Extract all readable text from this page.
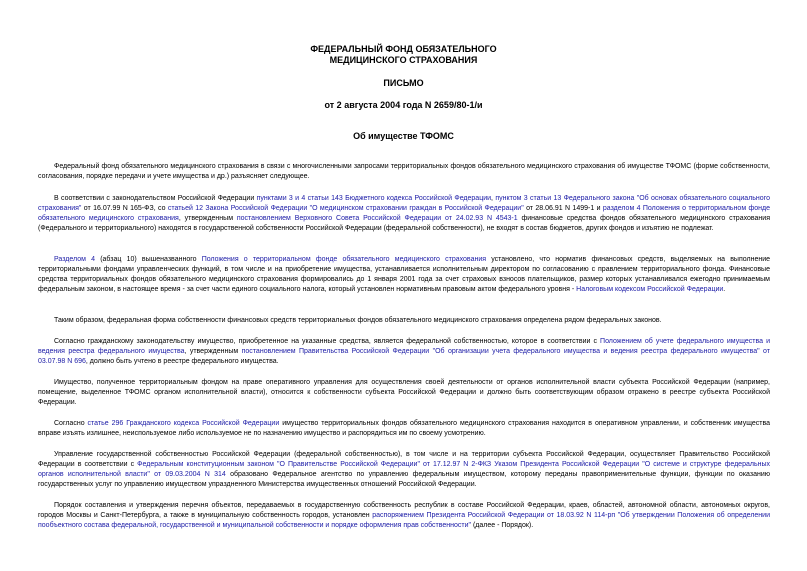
ФЕДЕРАЛЬНЫЙ ФОНД ОБЯЗАТЕЛЬНОГО

МЕДИЦИНСКОГО СТРАХОВАНИЯ

ПИСЬМО

от 2 августа 2004 года N 2659/80-1/и

Об имуществе ТФОМС

Федеральный фонд обязательного медицинского страхования в связи с многочисленными запросами территориальных фондов обязательного медицинского страхования об имуществе ТФОМС (форме собственности, согласования, порядке передачи и учете имущества и др.) разъясняет следующее.

В соответствии с законодательством Российской Федерации пунктами 3 и 4 статьи 143 Бюджетного кодекса Российской Федерации, пунктом 3 статьи 13 Федерального закона "Об основах обязательного социального страхования" от 16.07.99 N 165-ФЗ, со статьей 12 Закона Российской Федерации "О медицинском страховании граждан в Российской Федерации" от 28.06.91 N 1499-1 и разделом 4 Положения о территориальном фонде обязательного медицинского страхования, утвержденным постановлением Верховного Совета Российской Федерации от 24.02.93 N 4543-1 финансовые средства фондов обязательного медицинского страхования (Федерального и территориального) находятся в государственной собственности Российской Федерации (федеральной собственности), не входят в состав бюджетов, других фондов и изъятию не подлежат.

Разделом 4 (абзац 10) вышеназванного Положения о территориальном фонде обязательного медицинского страхования установлено, что норматив финансовых средств, выделяемых на выполнение территориальными фондами управленческих функций, в том числе и на приобретение имущества, устанавливается исполнительным директором по согласованию с правлением территориального фонда. Финансовые средства территориальных фондов обязательного медицинского страхования формировались до 1 января 2001 года за счет страховых взносов плательщиков, размер которых устанавливался ежегодно принимаемым федеральным законом, в настоящее время - за счет части единого социального налога, который установлен нормативным правовым актом федерального уровня - Налоговым кодексом Российской Федерации.

Таким образом, федеральная форма собственности финансовых средств территориальных фондов обязательного медицинского страхования определена рядом федеральных законов.

Согласно гражданскому законодательству имущество, приобретенное на указанные средства, является федеральной собственностью, которое в соответствии с Положением об учете федерального имущества и ведения реестра федерального имущества, утвержденным постановлением Правительства Российской Федерации "Об организации учета федерального имущества и ведения реестра федерального имущества" от 03.07.98 N 696, должно быть учтено в реестре федерального имущества.

Имущество, полученное территориальным фондом на праве оперативного управления для осуществления своей деятельности от органов исполнительной власти субъекта Российской Федерации (например, помещение, выделенное ТФОМС органом исполнительной власти), относится к собственности субъекта Российской Федерации и должно быть соответствующим образом отражено в реестре субъекта Российской Федерации.

Согласно статье 296 Гражданского кодекса Российской Федерации имущество территориальных фондов обязательного медицинского страхования находится в оперативном управлении, и собственник имущества вправе изъять излишнее, неиспользуемое либо используемое не по назначению имущество и распорядиться им по своему усмотрению.

Управление государственной собственностью Российской Федерации (федеральной собственностью), в том числе и на территории субъекта Российской Федерации, осуществляет Правительство Российской Федерации в соответствии с Федеральным конституционным законом "О Правительстве Российской Федерации" от 17.12.97 N 2-ФКЗ Указом Президента Российской Федерации "О системе и структуре федеральных органов исполнительной власти" от 09.03.2004 N 314 образовано Федеральное агентство по управлению федеральным имуществом, которому переданы правоприменительные функции, функции по оказанию государственных услуг по управлению имуществом упраздненного Министерства имущественных отношений Российской Федерации.

Порядок составления и утверждения перечня объектов, передаваемых в государственную собственность республик в составе Российской Федерации, краев, областей, автономной области, автономных округов, городов Москвы и Санкт-Петербурга, а также в муниципальную собственность городов, установлен распоряжением Президента Российской Федерации от 18.03.92 N 114-рп "Об утверждении Положения об определении пообъектного состава федеральной, государственной и муниципальной собственности и порядке оформления прав собственности" (далее - Порядок).
